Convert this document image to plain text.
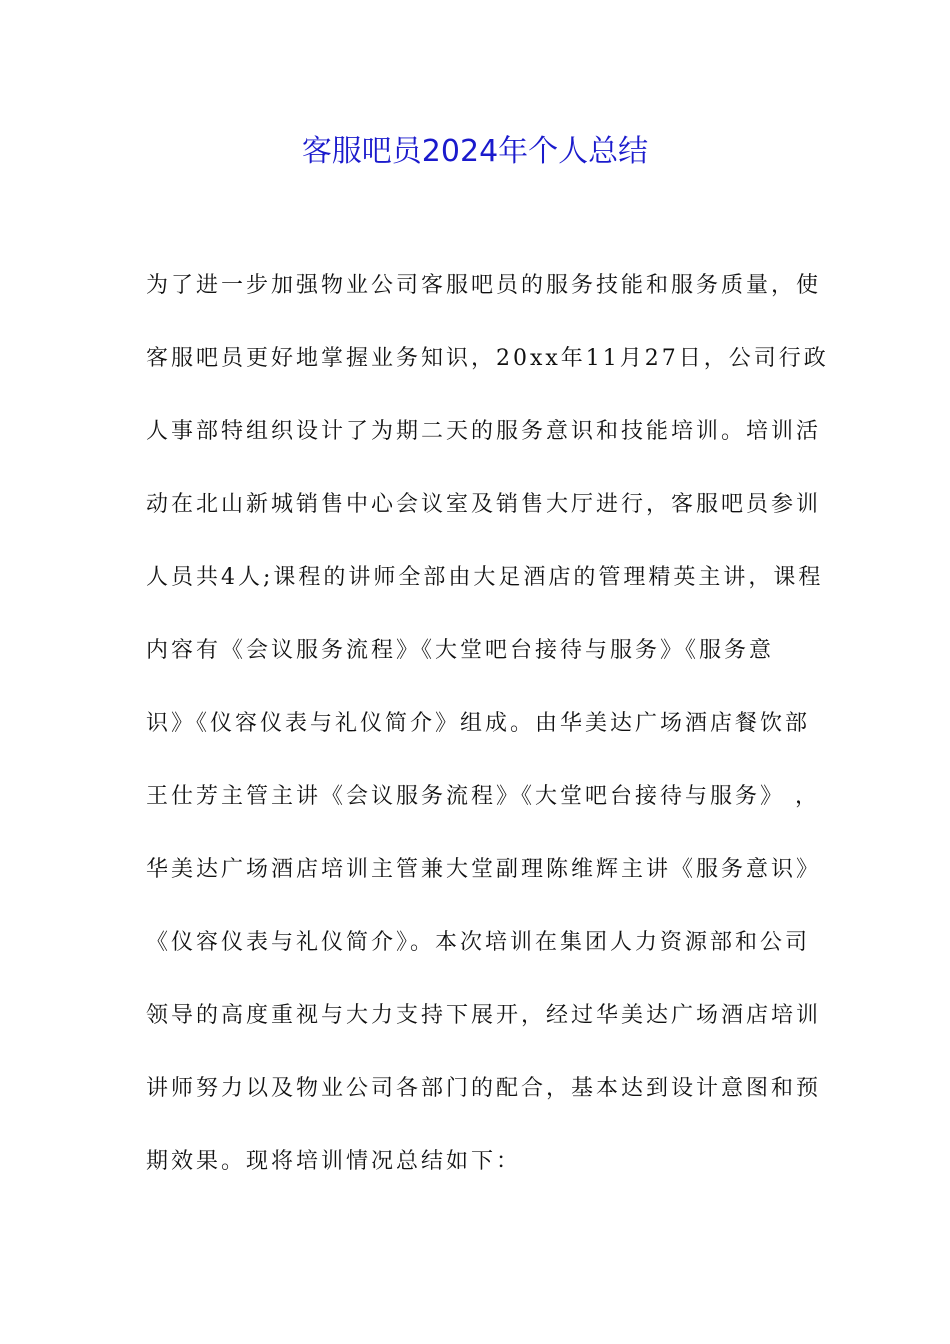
客服吧员2024年个人总结
为了进一步加强物业公司客服吧员的服务技能和服务质量，使
客服吧员更好地掌握业务知识，20xx年11月27日，公司行政
人事部特组织设计了为期二天的服务意识和技能培训。培训活
动在北山新城销售中心会议室及销售大厅进行，客服吧员参训
人员共4人;课程的讲师全部由大足酒店的管理精英主讲，课程
内容有《会议服务流程》《大堂吧台接待与服务》《服务意
识》《仪容仪表与礼仪简介》组成。由华美达广场酒店餐饮部
王仕芳主管主讲《会议服务流程》《大堂吧台接待与服务》 ，
华美达广场酒店培训主管兼大堂副理陈维辉主讲《服务意识》
《仪容仪表与礼仪简介》。本次培训在集团人力资源部和公司
领导的高度重视与大力支持下展开，经过华美达广场酒店培训
讲师努力以及物业公司各部门的配合，基本达到设计意图和预
期效果。现将培训情况总结如下：
